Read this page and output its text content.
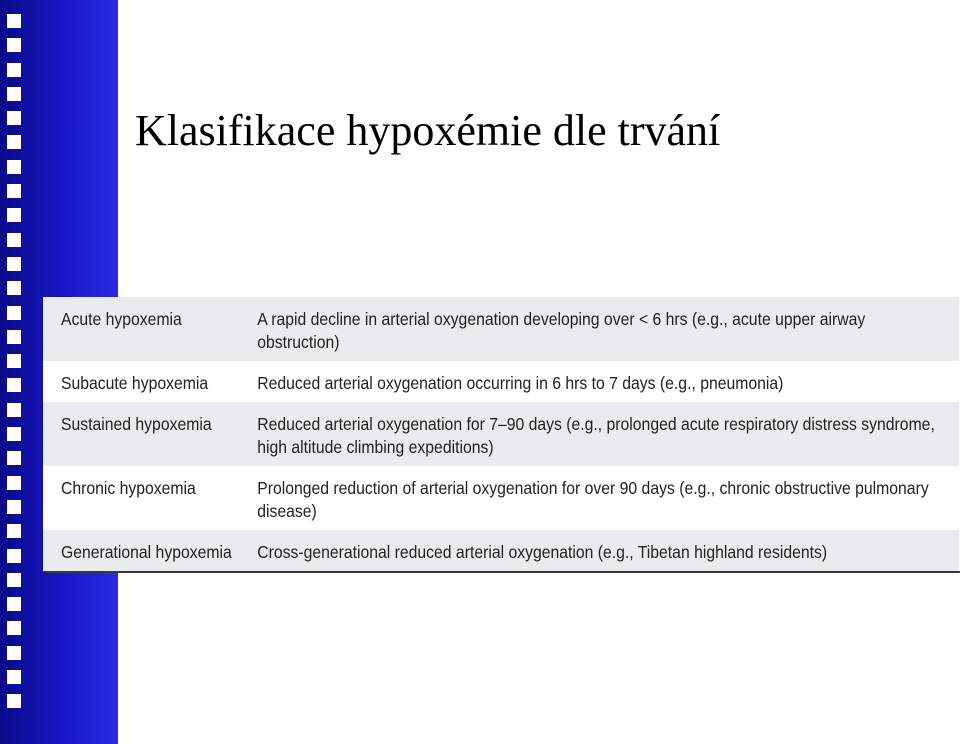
Klasifikace hypoxémie dle trvání
Acute hypoxemia	A rapid decline in arterial oxygenation developing over < 6 hrs (e.g., acute upper airway obstruction)
Subacute hypoxemia	Reduced arterial oxygenation occurring in 6 hrs to 7 days (e.g., pneumonia)
Sustained hypoxemia	Reduced arterial oxygenation for 7–90 days (e.g., prolonged acute respiratory distress syndrome, high altitude climbing expeditions)
Chronic hypoxemia	Prolonged reduction of arterial oxygenation for over 90 days (e.g., chronic obstructive pulmonary disease)
Generational hypoxemia	Cross-generational reduced arterial oxygenation (e.g., Tibetan highland residents)
